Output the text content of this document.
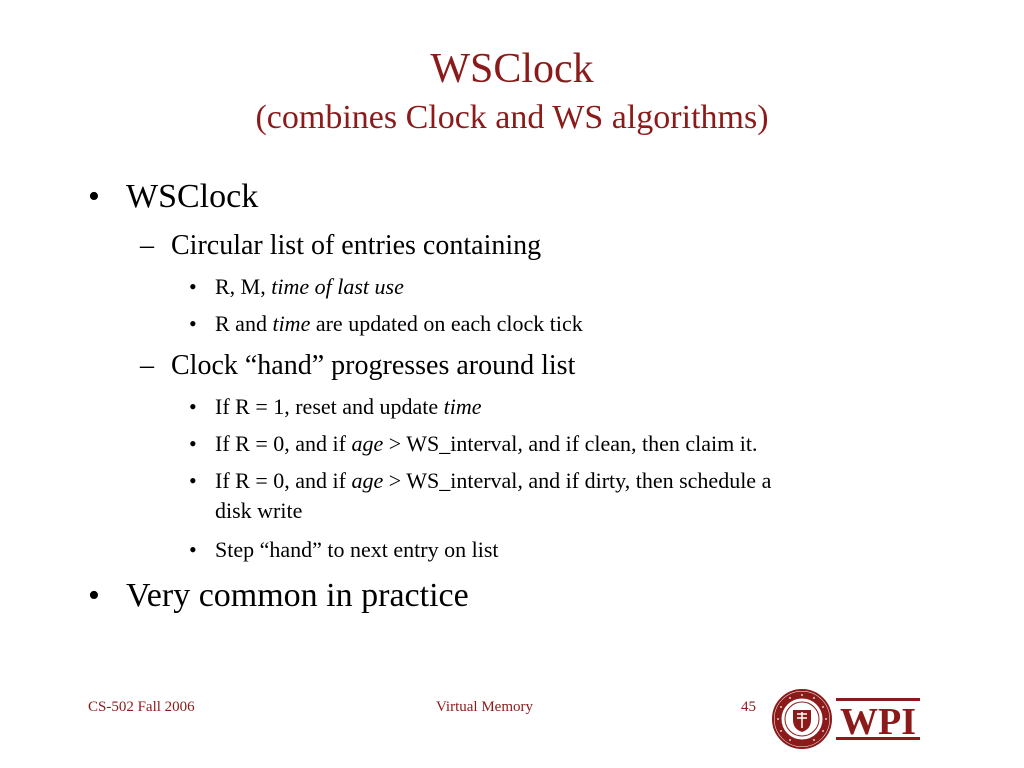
WSClock
(combines Clock and WS algorithms)
• WSClock
– Circular list of entries containing
• R, M, time of last use
• R and time are updated on each clock tick
– Clock “hand” progresses around list
• If R = 1, reset and update time
• If R = 0, and if age > WS_interval, and if clean, then claim it.
• If R = 0, and if age > WS_interval, and if dirty, then schedule a
disk write
• Step “hand” to next entry on list
• Very common in practice
CS-502 Fall 2006	Virtual Memory	45 WPI
